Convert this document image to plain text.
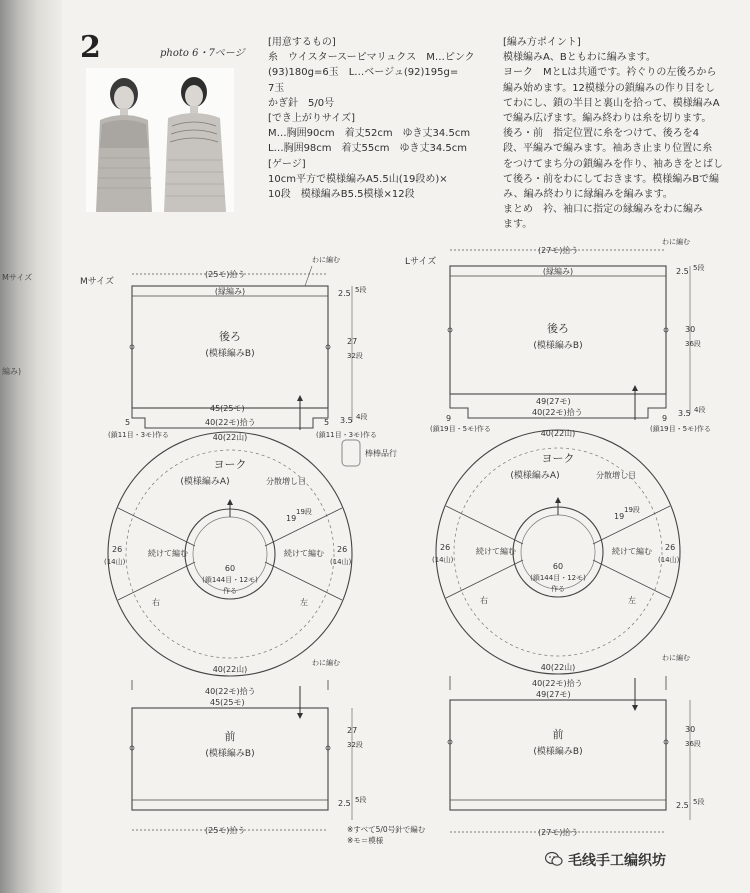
Mサイズ
編み)
2	photo 6・7ページ

[用意するもの]

糸　ウイスタースーピマリュクス　M…ピンク

(93)180g=6玉　L…ベージュ(92)195g=

7玉

かぎ針　5/0号

[でき上がりサイズ]

M…胸囲90cm　着丈52cm　ゆき丈34.5cm

L…胸囲98cm　着丈55cm　ゆき丈34.5cm

[ゲージ]

10cm平方で模様編みA5.5山(19段め)×

10段　模様編みB5.5模様×12段

[編み方ポイント]

模様編みA、Bともわに編みます。

ヨーク　MとLは共通です。衿ぐりの左後ろから

編み始めます。12模様分の鎖編みの作り目をし

てわにし、鎖の半目と裏山を拾って、模様編みA

で編み広げます。編み終わりは糸を切ります。

後ろ・前　指定位置に糸をつけて、後ろを4

段、平編みで編みます。袖あき止まり位置に糸

をつけてまち分の鎖編みを作り、袖あきをとばし

て後ろ・前をわにしておきます。模様編みBで編

み、編み終わりに縁編みを編みます。

まとめ　衿、袖口に指定の縁編みをわに編み

ます。

Mサイズ
(25モ)拾う
わに編む
(縁編み)
後ろ
(模様編みB)
45(25モ)
40(22モ)拾う
5	5
(鎖11目・3モ)作る	(鎖11目・3モ)作る
2.5 5段
27
32段
3.5 4段
40(22山)
ヨーク
(模様編みA)	分散増し目
続けて編む	続けて編む
26
(14山)
26
(14山)
60
(鎖144目・12モ)
作る
右	左
19
19段
40(22山)
40(22モ)拾う
45(25モ)
わに編む
前
(模様編みB)
(25モ)拾う
27
32段
2.5 5段
棒棒品行
Lサイズ
(27モ)拾う
わに編む
(縁編み)
後ろ
(模様編みB)
49(27モ)
40(22モ)拾う
9	9
(鎖19目・5モ)作る	(鎖19目・5モ)作る
2.5 5段
30
36段
3.5 4段
40(22山)
ヨーク
(模様編みA)	分散増し目
続けて編む	続けて編む
26
(14山)
26
(14山)
60
(鎖144目・12モ)
作る
右	左
19
19段
40(22山)
40(22モ)拾う
49(27モ)
わに編む
前
(模様編みB)
(27モ)拾う
30
36段
2.5 5段
※すべて5/0号針で編む
※モ＝模様
毛线手工编织坊
